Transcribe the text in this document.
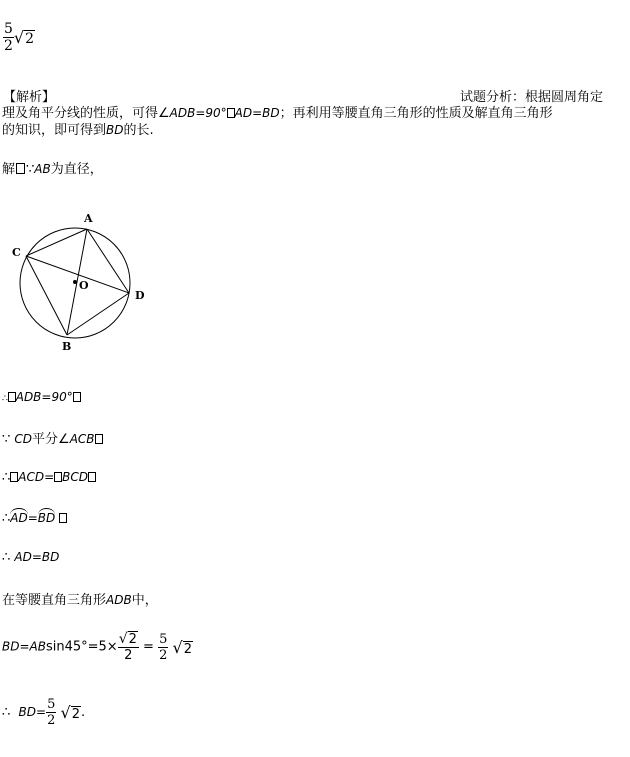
$\frac{5}{2} √2$
【解析】	试题分析：根据圆周角定
理及角平分线的性质，可得∠ADB=90° AD=BD；再利用等腰直角三角形的性质及解直角三角形
的知识，即可得到BD的长.
解 ∵AB为直径，
A
C
O
D
B
∴ ADB=90°
∵ CD平分∠ACB
∴ ACD= BCD
∴AD=BD
∴ AD=BD
在等腰直角三角形ADB中，
$BD=ABsin45^\circ=5\times \frac{√2}{2} = \frac{5}{2} √2$
∴ $BD= \frac{5}{2} √2$.
